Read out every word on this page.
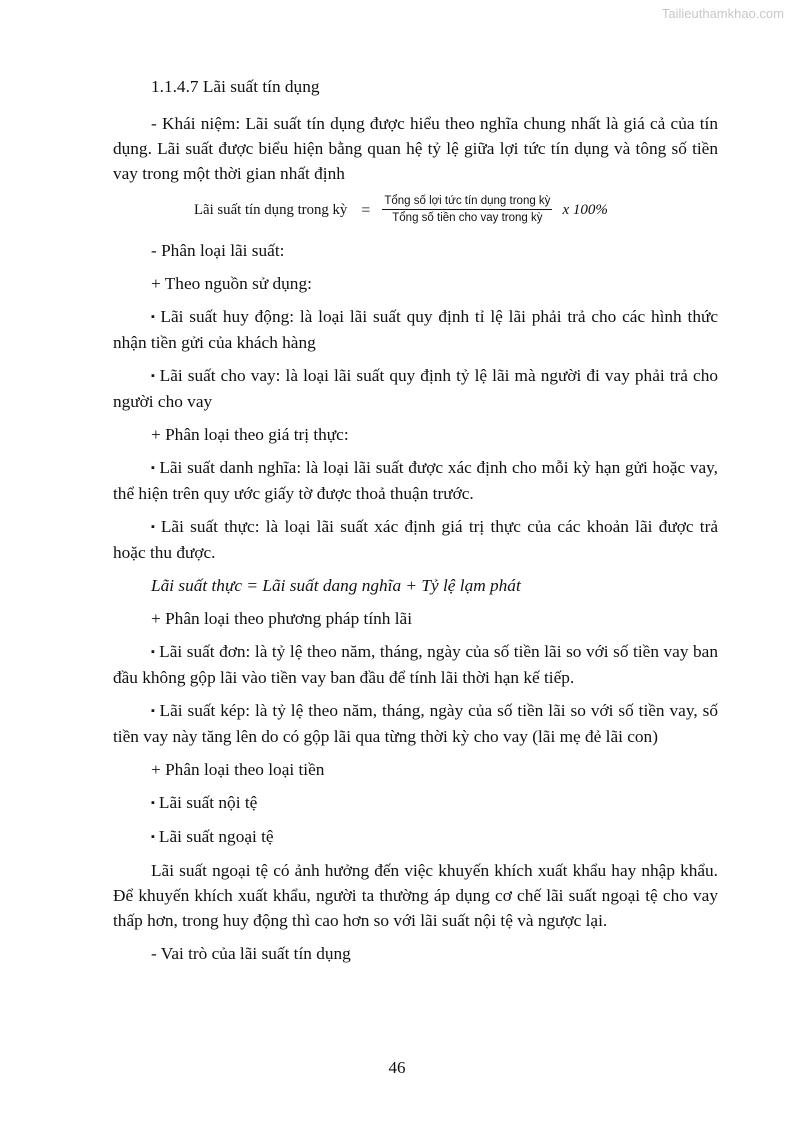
Tailieuthamkhao.com

1.1.4.7 Lãi suất tín dụng

- Khái niệm: Lãi suất tín dụng được hiểu theo nghĩa chung nhất là giá cả của tín dụng. Lãi suất được biểu hiện bằng quan hệ tỷ lệ giữa lợi tức tín dụng và tông số tiền vay trong một thời gian nhất định

Lãi suất tín dụng trong kỳ = $\frac{\text{Tổng số lợi tức tín dụng trong kỳ}}{\text{Tổng số tiền cho vay trong kỳ}}$ x 100%

- Phân loại lãi suất:

+ Theo nguồn sử dụng:

▪ Lãi suất huy động: là loại lãi suất quy định tỉ lệ lãi phải trả cho các hình thức nhận tiền gửi của khách hàng

▪ Lãi suất cho vay: là loại lãi suất quy định tỷ lệ lãi mà người đi vay phải trả cho người cho vay

+ Phân loại theo giá trị thực:

▪ Lãi suất danh nghĩa: là loại lãi suất được xác định cho mỗi kỳ hạn gửi hoặc vay, thể hiện trên quy ước giấy tờ được thoả thuận trước.

▪ Lãi suất thực: là loại lãi suất xác định giá trị thực của các khoản lãi được trả hoặc thu được.

Lãi suất thực = Lãi suất dang nghĩa + Tỷ lệ lạm phát

+ Phân loại theo phương pháp tính lãi

▪ Lãi suất đơn: là tỷ lệ theo năm, tháng, ngày của số tiền lãi so với số tiền vay ban đầu không gộp lãi vào tiền vay ban đầu để tính lãi thời hạn kế tiếp.

▪ Lãi suất kép: là tỷ lệ theo năm, tháng, ngày của số tiền lãi so với số tiền vay, số tiền vay này tăng lên do có gộp lãi qua từng thời kỳ cho vay (lãi mẹ đẻ lãi con)

+ Phân loại theo loại tiền

▪ Lãi suất nội tệ

▪ Lãi suất ngoại tệ

Lãi suất ngoại tệ có ảnh hưởng đến việc khuyến khích xuất khẩu hay nhập khẩu. Để khuyến khích xuất khẩu, người ta thường áp dụng cơ chế lãi suất ngoại tệ cho vay thấp hơn, trong huy động thì cao hơn so với lãi suất nội tệ và ngược lại.

- Vai trò của lãi suất tín dụng

46
